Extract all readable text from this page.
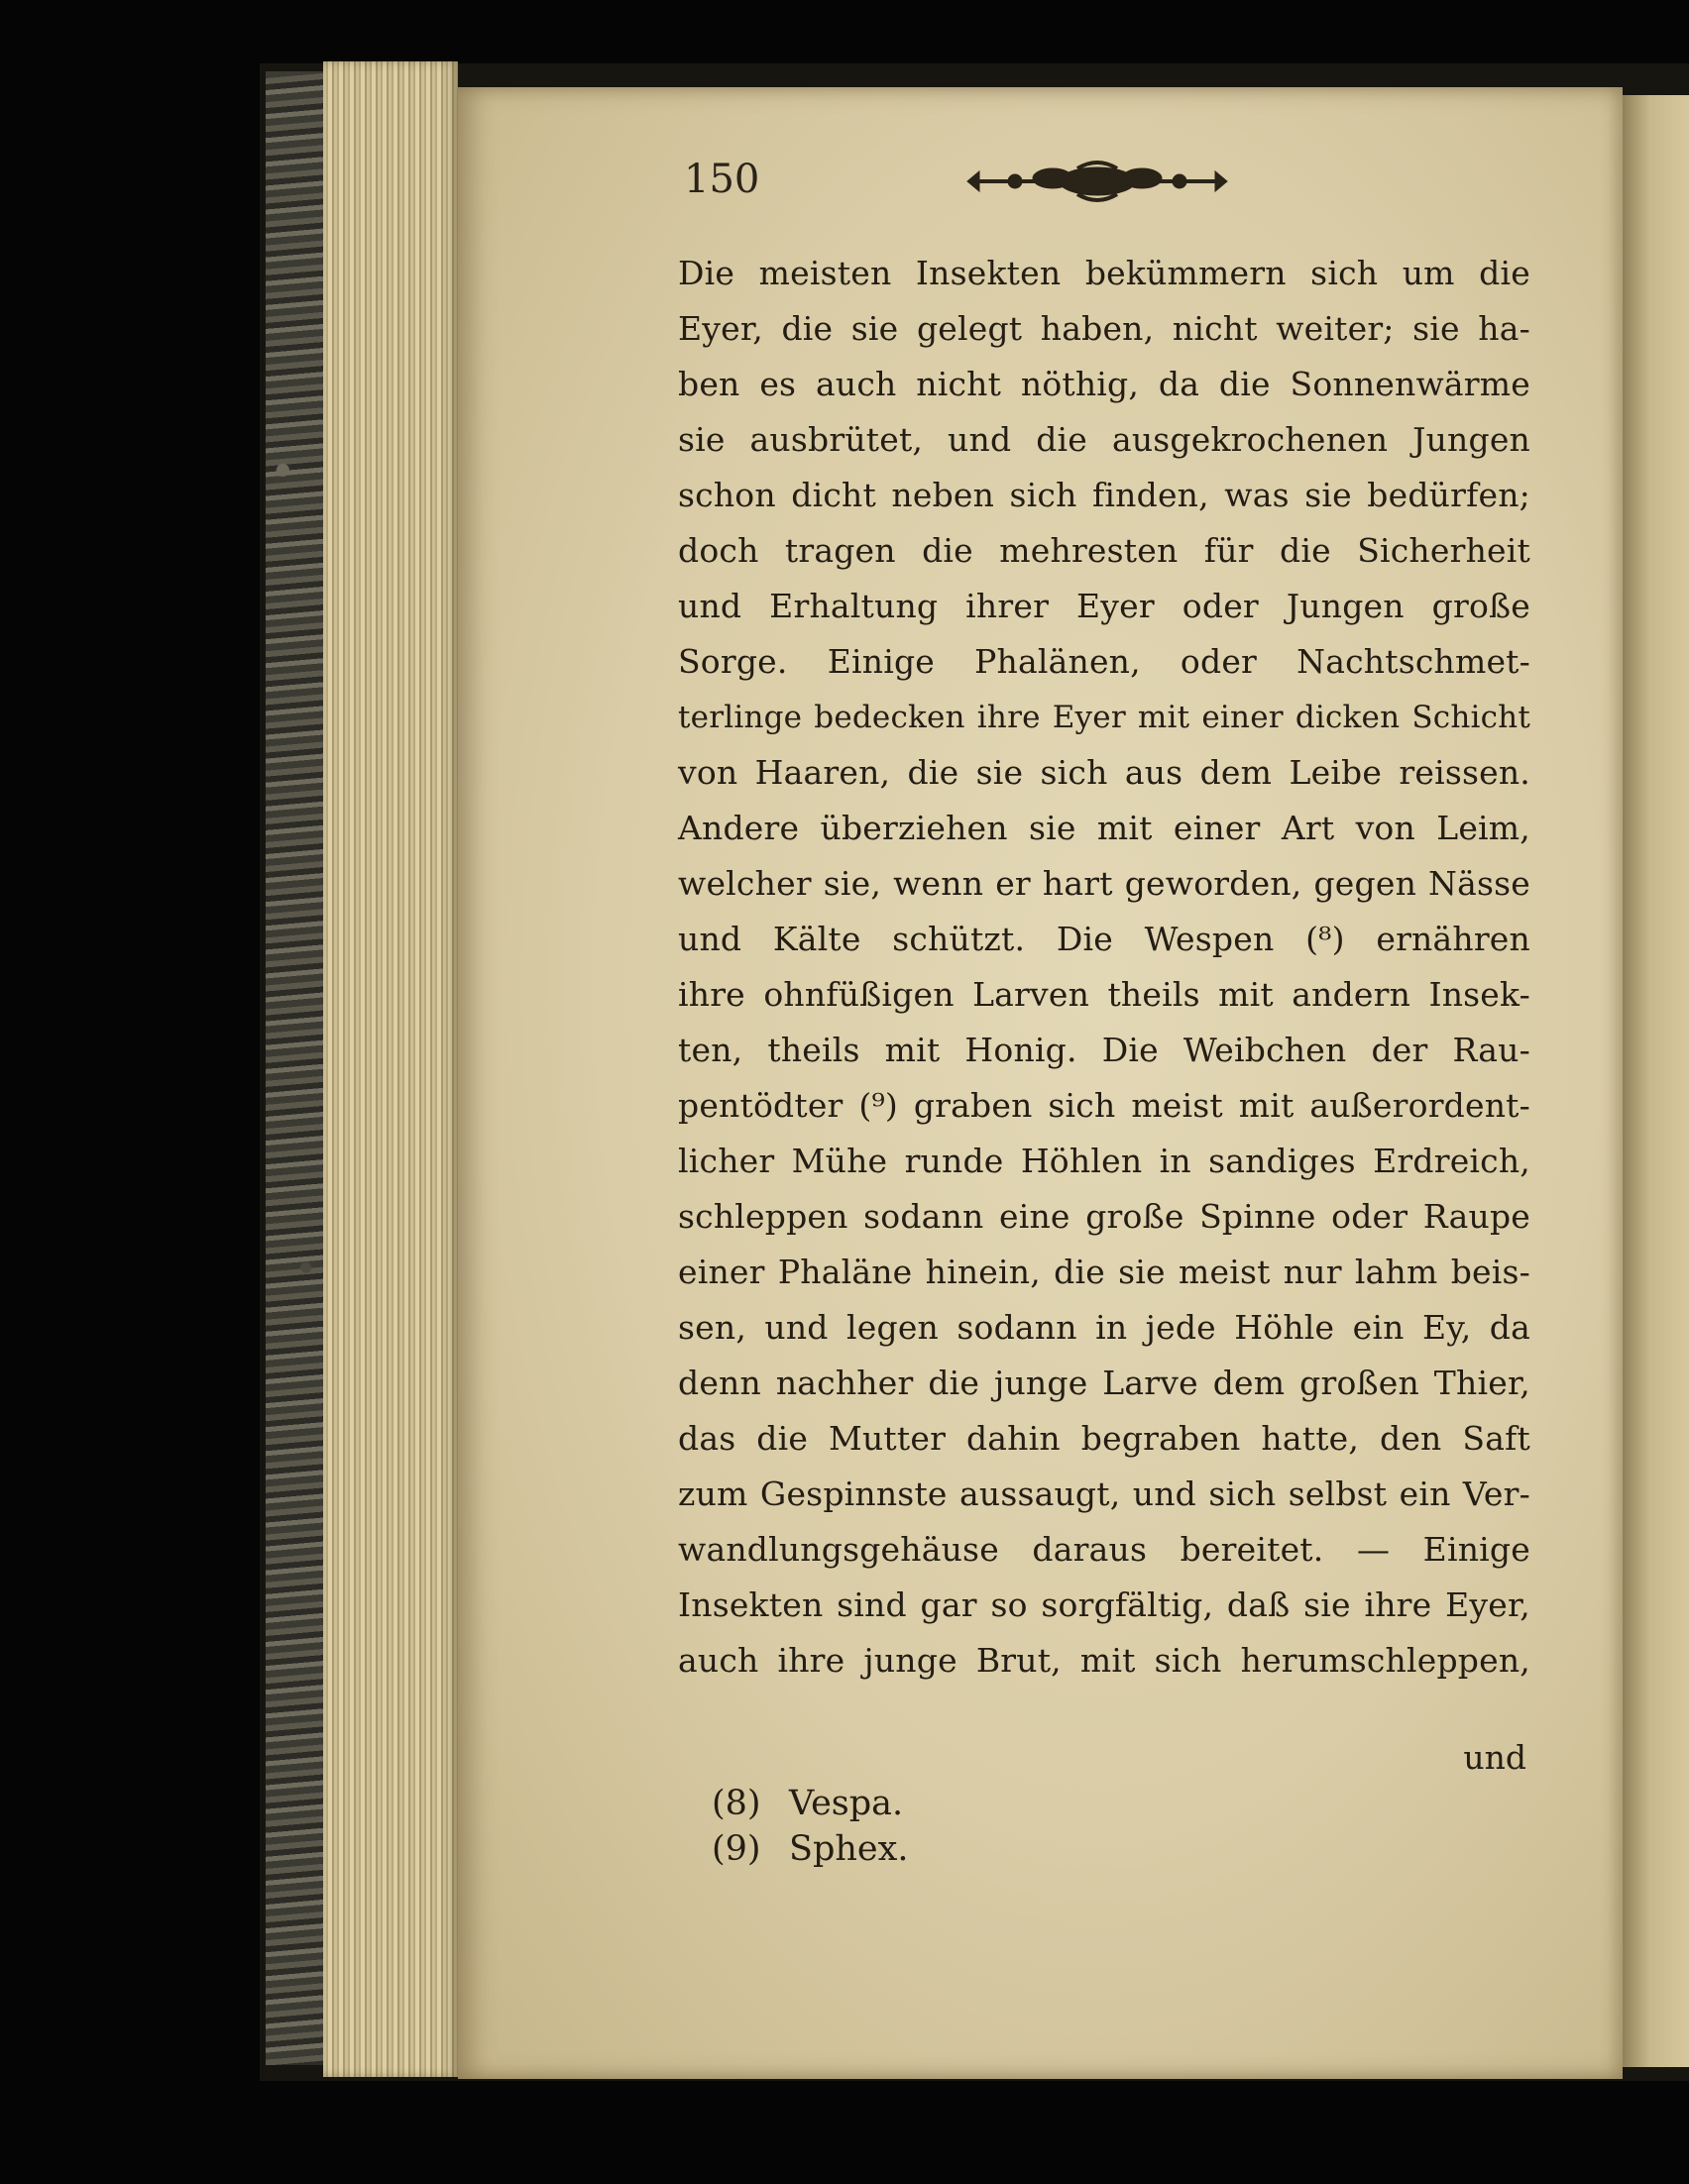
150
Die meisten Insekten bekümmern sich um die
Eyer, die sie gelegt haben, nicht weiter; sie ha-
ben es auch nicht nöthig, da die Sonnenwärme
sie ausbrütet, und die ausgekrochenen Jungen
schon dicht neben sich finden, was sie bedürfen;
doch tragen die mehresten für die Sicherheit
und Erhaltung ihrer Eyer oder Jungen große
Sorge. Einige Phalänen, oder Nachtschmet-
terlinge bedecken ihre Eyer mit einer dicken Schicht
von Haaren, die sie sich aus dem Leibe reissen.
Andere überziehen sie mit einer Art von Leim,
welcher sie, wenn er hart geworden, gegen Nässe
und Kälte schützt. Die Wespen (⁸) ernähren
ihre ohnfüßigen Larven theils mit andern Insek-
ten, theils mit Honig. Die Weibchen der Rau-
pentödter (⁹) graben sich meist mit außerordent-
licher Mühe runde Höhlen in sandiges Erdreich,
schleppen sodann eine große Spinne oder Raupe
einer Phaläne hinein, die sie meist nur lahm beis-
sen, und legen sodann in jede Höhle ein Ey, da
denn nachher die junge Larve dem großen Thier,
das die Mutter dahin begraben hatte, den Saft
zum Gespinnste aussaugt, und sich selbst ein Ver-
wandlungsgehäuse daraus bereitet. — Einige
Insekten sind gar so sorgfältig, daß sie ihre Eyer,
auch ihre junge Brut, mit sich herumschleppen,
und
(8) Vespa.
(9) Sphex.
